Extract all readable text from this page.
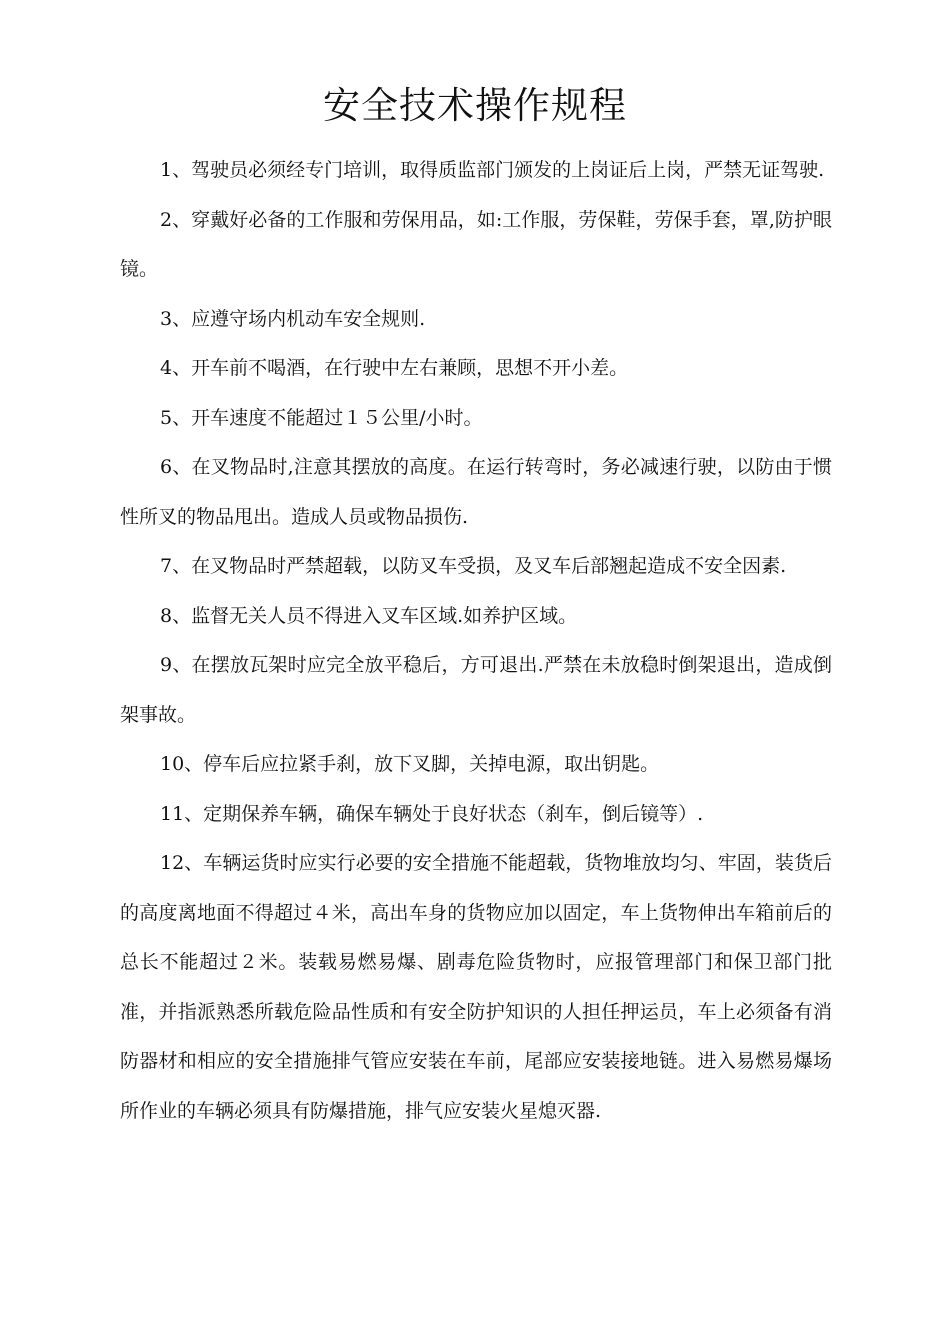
安全技术操作规程

1、驾驶员必须经专门培训，取得质监部门颁发的上岗证后上岗，严禁无证驾驶.

2、穿戴好必备的工作服和劳保用品，如:工作服，劳保鞋，劳保手套，罩,防护眼镜。

3、应遵守场内机动车安全规则.

4、开车前不喝酒，在行驶中左右兼顾，思想不开小差。

5、开车速度不能超过１５公里/小时。

6、在叉物品时,注意其摆放的高度。在运行转弯时，务必减速行驶，以防由于惯性所叉的物品甩出。造成人员或物品损伤.

7、在叉物品时严禁超载，以防叉车受损，及叉车后部翘起造成不安全因素.

8、监督无关人员不得进入叉车区域.如养护区域。

9、在摆放瓦架时应完全放平稳后，方可退出.严禁在未放稳时倒架退出，造成倒架事故。

10、停车后应拉紧手刹，放下叉脚，关掉电源，取出钥匙。

11、定期保养车辆，确保车辆处于良好状态（刹车，倒后镜等）.

12、车辆运货时应实行必要的安全措施不能超载，货物堆放均匀、牢固，装货后的高度离地面不得超过４米，高出车身的货物应加以固定，车上货物伸出车箱前后的总长不能超过２米。装载易燃易爆、剧毒危险货物时，应报管理部门和保卫部门批准，并指派熟悉所载危险品性质和有安全防护知识的人担任押运员，车上必须备有消防器材和相应的安全措施排气管应安装在车前，尾部应安装接地链。进入易燃易爆场所作业的车辆必须具有防爆措施，排气应安装火星熄灭器.
